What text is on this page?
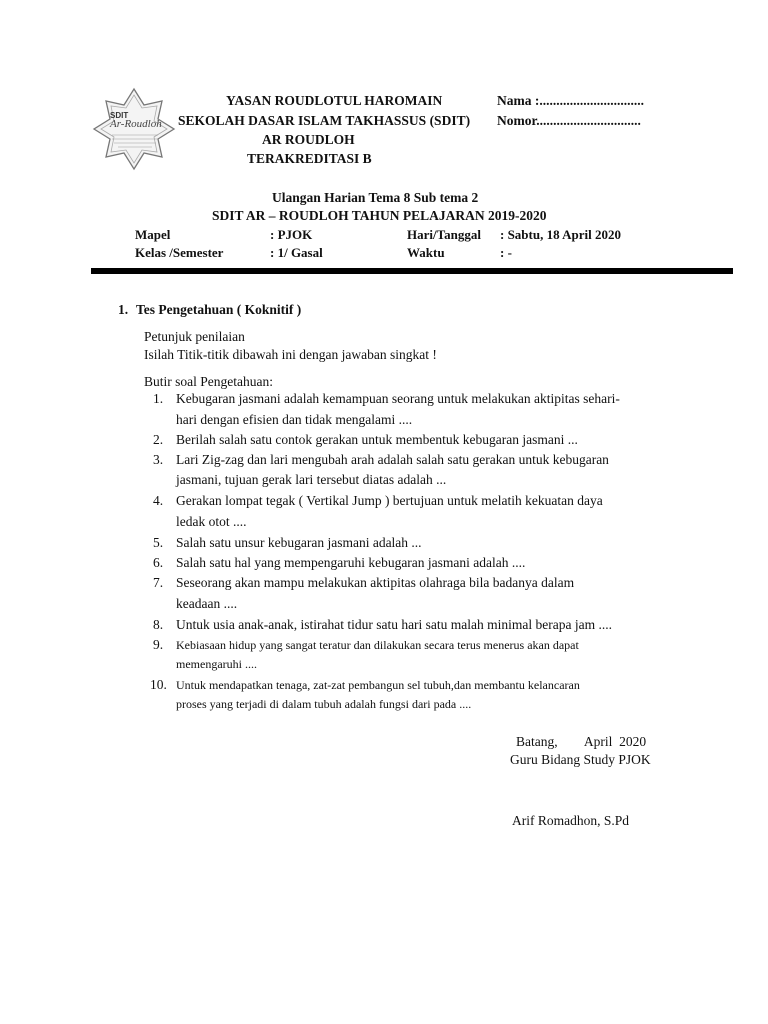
SDIT
Ar-Roudloh
YASAN ROUDLOTUL HAROMAIN
SEKOLAH DASAR ISLAM TAKHASSUS (SDIT)
AR ROUDLOH
TERAKREDITASI B
Nama :...............................
Nomor...............................
Ulangan Harian Tema 8 Sub tema 2
SDIT AR – ROUDLOH TAHUN PELAJARAN 2019-2020
Mapel	: PJOK	Hari/Tanggal : Sabtu, 18 April 2020
Kelas /Semester	: 1/ Gasal	Waktu	: -
1. Tes Pengetahuan ( Koknitif )
Petunjuk penilaian
Isilah Titik-titik dibawah ini dengan jawaban singkat !
Butir soal Pengetahuan:
1. Kebugaran jasmani adalah kemampuan seorang untuk melakukan aktipitas sehari-
hari dengan efisien dan tidak mengalami ....
2. Berilah salah satu contok gerakan untuk membentuk kebugaran jasmani ...
3. Lari Zig-zag dan lari mengubah arah adalah salah satu gerakan untuk kebugaran
jasmani, tujuan gerak lari tersebut diatas adalah ...
4. Gerakan lompat tegak ( Vertikal Jump ) bertujuan untuk melatih kekuatan daya
ledak otot ....
5. Salah satu unsur kebugaran jasmani adalah ...
6. Salah satu hal yang mempengaruhi kebugaran jasmani adalah ....
7. Seseorang akan mampu melakukan aktipitas olahraga bila badanya dalam
keadaan ....
8. Untuk usia anak-anak, istirahat tidur satu hari satu malah minimal berapa jam ....
9. Kebiasaan hidup yang sangat teratur dan dilakukan secara terus menerus akan dapat
memengaruhi ....
10. Untuk mendapatkan tenaga, zat-zat pembangun sel tubuh,dan membantu kelancaran
proses yang terjadi di dalam tubuh adalah fungsi dari pada ....
Batang,        April  2020
Guru Bidang Study PJOK
Arif Romadhon, S.Pd
